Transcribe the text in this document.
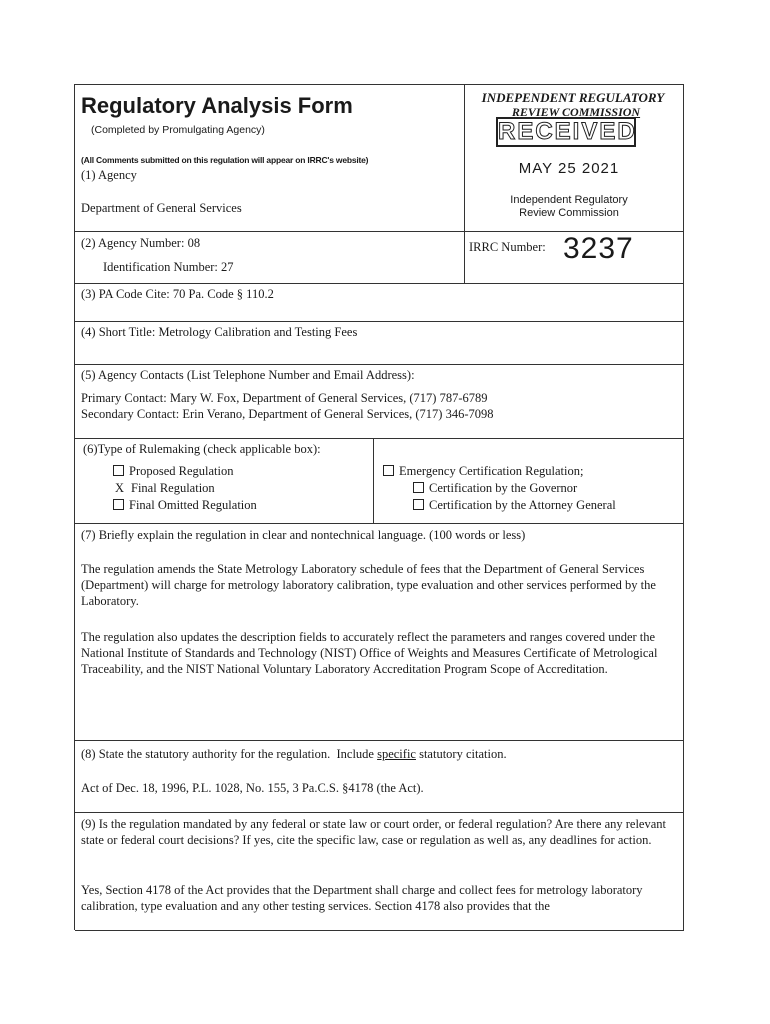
Regulatory Analysis Form
(Completed by Promulgating Agency)
(All Comments submitted on this regulation will appear on IRRC's website)
(1) Agency
Department of General Services
(2) Agency Number: 08
Identification Number: 27
IRRC Number: 3237
(3) PA Code Cite: 70 Pa. Code § 110.2
(4) Short Title: Metrology Calibration and Testing Fees
(5) Agency Contacts (List Telephone Number and Email Address):
Primary Contact: Mary W. Fox, Department of General Services, (717) 787-6789
Secondary Contact: Erin Verano, Department of General Services, (717) 346-7098
(6)Type of Rulemaking (check applicable box):
Proposed Regulation
X Final Regulation
Final Omitted Regulation
Emergency Certification Regulation;
Certification by the Governor
Certification by the Attorney General
(7) Briefly explain the regulation in clear and nontechnical language. (100 words or less)
The regulation amends the State Metrology Laboratory schedule of fees that the Department of General Services (Department) will charge for metrology laboratory calibration, type evaluation and other services performed by the Laboratory.
The regulation also updates the description fields to accurately reflect the parameters and ranges covered under the National Institute of Standards and Technology (NIST) Office of Weights and Measures Certificate of Metrological Traceability, and the NIST National Voluntary Laboratory Accreditation Program Scope of Accreditation.
(8) State the statutory authority for the regulation.  Include specific statutory citation.
Act of Dec. 18, 1996, P.L. 1028, No. 155, 3 Pa.C.S. §4178 (the Act).
(9) Is the regulation mandated by any federal or state law or court order, or federal regulation? Are there any relevant state or federal court decisions? If yes, cite the specific law, case or regulation as well as, any deadlines for action.
Yes, Section 4178 of the Act provides that the Department shall charge and collect fees for metrology laboratory calibration, type evaluation and any other testing services. Section 4178 also provides that the
INDEPENDENT REGULATORY
REVIEW COMMISSION
RECEIVED
MAY 25 2021
Independent Regulatory
Review Commission
